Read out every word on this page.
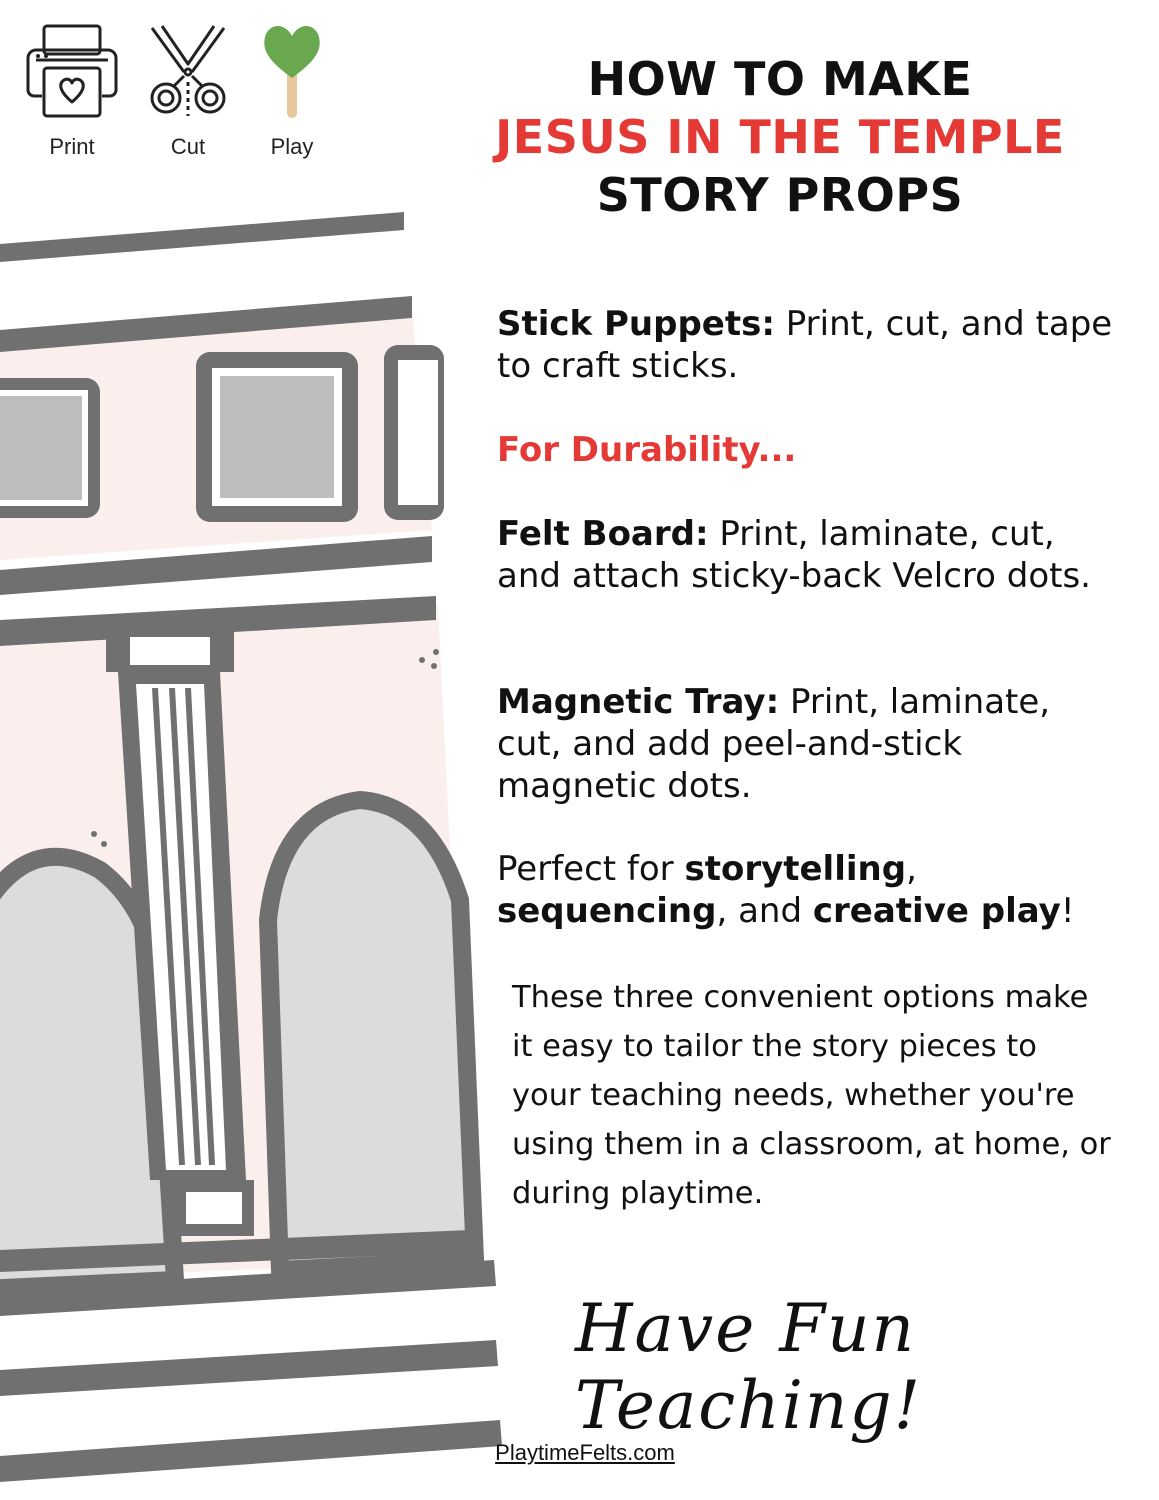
Print	Cut	Play
HOW TO MAKE
JESUS IN THE TEMPLE
STORY PROPS
Stick Puppets: Print, cut, and tape to craft sticks.
For Durability...
Felt Board: Print, laminate, cut, and attach sticky-back Velcro dots.
Magnetic Tray: Print, laminate, cut, and add peel-and-stick magnetic dots.
Perfect for storytelling, sequencing, and creative play!
These three convenient options make it easy to tailor the story pieces to your teaching needs, whether you're using them in a classroom, at home, or during playtime.
Have Fun Teaching!
PlaytimeFelts.com
